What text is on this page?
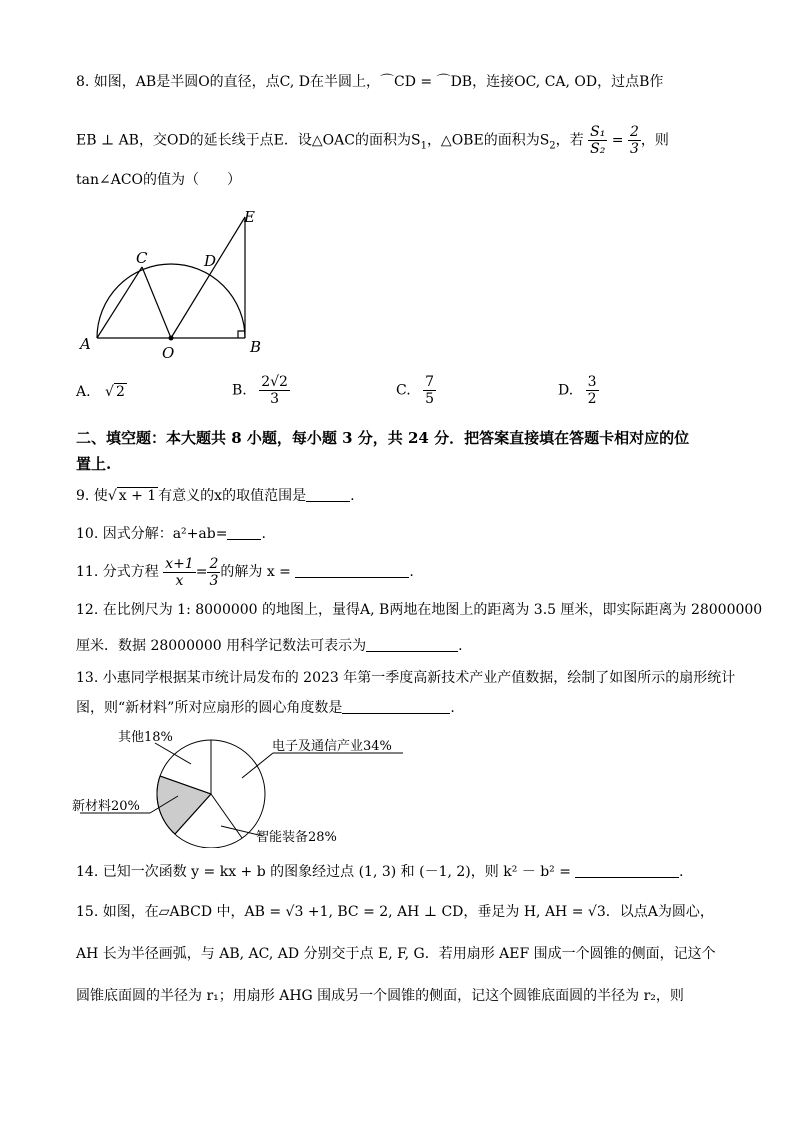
8. 如图，AB是半圆O的直径，点C, D在半圆上，⌒CD = ⌒DB，连接OC, CA, OD，过点B作
EB ⊥ AB，交OD的延长线于点E．设△OAC的面积为$S_1$，△OBE的面积为$S_2$，若 $\frac{\text{S₁}}{\text{S₂}} = \frac{2}{3}$ ，则
tan∠ACO的值为（　　）
A	O	B
C	D
E
A. √ 2	B. $\frac{2√2}{3}$	C. $\frac{7}{5}$	D. $\frac{3}{2}$
二、填空题：本大题共 8 小题，每小题 3 分，共 24 分．把答案直接填在答题卡相对应的位
置上.
9. 使√ x + 1 有意义的x的取值范围是	.
10. 因式分解：a²+ab= .
11. 分式方程 $\frac{x+1}{x} = \frac{2}{3}$ 的解为 x =	.
12. 在比例尺为 1: 8000000 的地图上，量得A, B两地在地图上的距离为 3.5 厘米，即实际距离为 28000000
厘米．数据 28000000 用科学记数法可表示为	.
13. 小惠同学根据某市统计局发布的 2023 年第一季度高新技术产业产值数据，绘制了如图所示的扇形统计
图，则“新材料”所对应扇形的圆心角度数是	.
其他18%
电子及通信产业34%
新材料20%
智能装备28%
14. 已知一次函数 y = kx + b 的图象经过点 (1, 3) 和 (－1, 2)，则 k² － b² =	.
15. 如图，在▱ABCD 中，AB = √3 +1, BC = 2, AH ⊥ CD，垂足为 H, AH = √3．以点A为圆心，
AH 长为半径画弧，与 AB, AC, AD 分别交于点 E, F, G．若用扇形 AEF 围成一个圆锥的侧面，记这个
圆锥底面圆的半径为 r₁；用扇形 AHG 围成另一个圆锥的侧面，记这个圆锥底面圆的半径为 r₂，则
